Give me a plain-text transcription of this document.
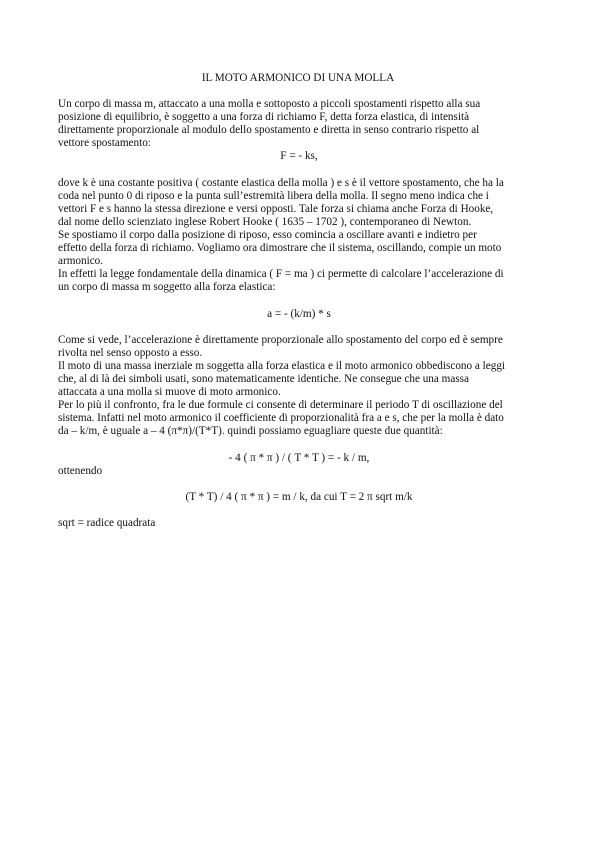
IL MOTO ARMONICO DI UNA MOLLA
Un corpo di massa m, attaccato a una molla e sottoposto a piccoli spostamenti rispetto alla sua
posizione di equilibrio, è soggetto a una forza di richiamo F, detta forza elastica, di intensità
direttamente proporzionale al modulo dello spostamento e diretta in senso contrario rispetto al
vettore spostamento:
F = - ks,
dove k è una costante positiva ( costante elastica della molla ) e s è il vettore spostamento, che ha la
coda nel punto 0 di riposo e la punta sull’estremità libera della molla. Il segno meno indica che i
vettori F e s hanno la stessa direzione e versi opposti. Tale forza si chiama anche Forza di Hooke,
dal nome dello scienziato inglese Robert Hooke ( 1635 – 1702 ), contemporaneo di Newton.
Se spostiamo il corpo dalla posizione di riposo, esso comincia a oscillare avanti e indietro per
effetto della forza di richiamo. Vogliamo ora dimostrare che il sistema, oscillando, compie un moto
armonico.
In effetti la legge fondamentale della dinamica ( F = ma ) ci permette di calcolare l’accelerazione di
un corpo di massa m soggetto alla forza elastica:
a = - (k/m) * s
Come si vede, l’accelerazione è direttamente proporzionale allo spostamento del corpo ed è sempre
rivolta nel senso opposto a esso.
Il moto di una massa inerziale m soggetta alla forza elastica e il moto armonico obbediscono a leggi
che, al di là dei simboli usati, sono matematicamente identiche. Ne consegue che una massa
attaccata a una molla si muove di moto armonico.
Per lo più il confronto, fra le due formule ci consente di determinare il periodo T di oscillazione del
sistema. Infatti nel moto armonico il coefficiente di proporzionalità fra a e s, che per la molla è dato
da – k/m, è uguale a – 4 (π*π)/(T*T). quindi possiamo eguagliare queste due quantità:
- 4 ( π * π ) / ( T * T ) = - k / m,
ottenendo
(T * T) / 4 ( π * π ) = m / k, da cui T = 2 π sqrt m/k
sqrt = radice quadrata
